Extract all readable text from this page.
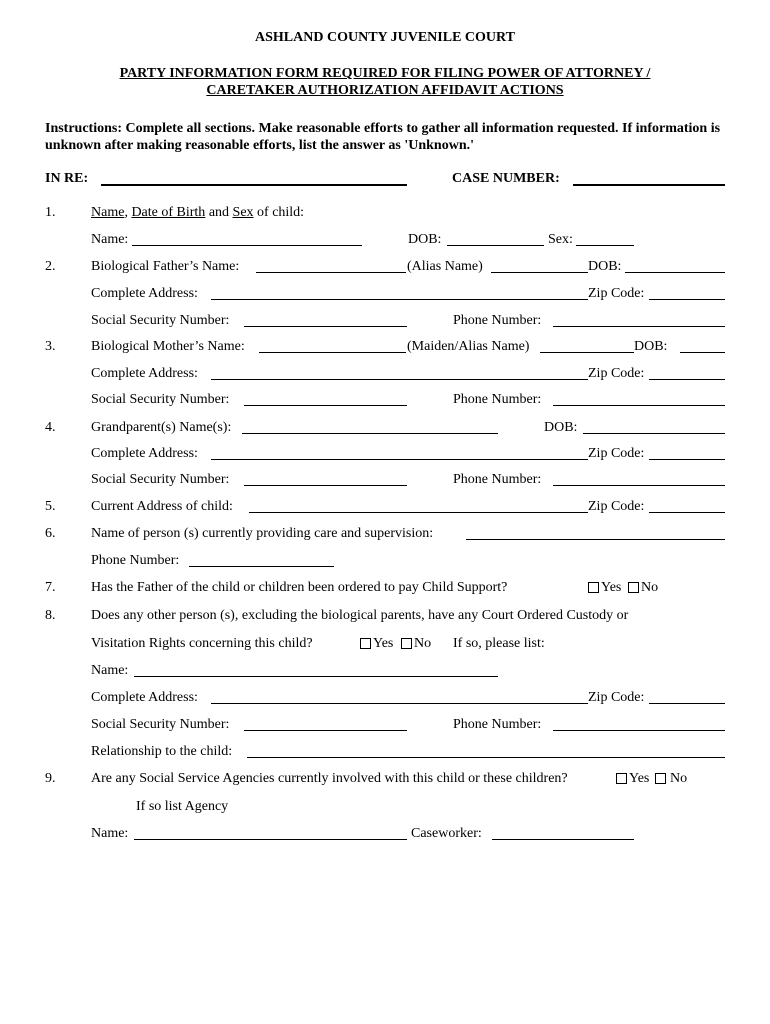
ASHLAND COUNTY JUVENILE COURT
PARTY INFORMATION FORM REQUIRED FOR FILING POWER OF ATTORNEY /
CARETAKER AUTHORIZATION AFFIDAVIT ACTIONS
Instructions: Complete all sections. Make reasonable efforts to gather all information requested. If information is unknown after making reasonable efforts, list the answer as 'Unknown.'
IN RE:	CASE NUMBER:
1.	Name, Date of Birth and Sex of child:
Name:	DOB:	Sex:
2.	Biological Father’s Name:	(Alias Name)	DOB:
Complete Address:	Zip Code:
Social Security Number:	Phone Number:
3.	Biological Mother’s Name:	(Maiden/Alias Name)	DOB:
Complete Address:	Zip Code:
Social Security Number:	Phone Number:
4.	Grandparent(s) Name(s):	DOB:
Complete Address:	Zip Code:
Social Security Number:	Phone Number:
5.	Current Address of child:	Zip Code:
6.	Name of person (s) currently providing care and supervision:
Phone Number:
7.	Has the Father of the child or children been ordered to pay Child Support?	Yes No
8.	Does any other person (s), excluding the biological parents, have any Court Ordered Custody or
Visitation Rights concerning this child?	Yes No If so, please list:
Name:
Complete Address:	Zip Code:
Social Security Number:	Phone Number:
Relationship to the child:
9.	Are any Social Service Agencies currently involved with this child or these children?	Yes No
If so list Agency
Name:	Caseworker:
